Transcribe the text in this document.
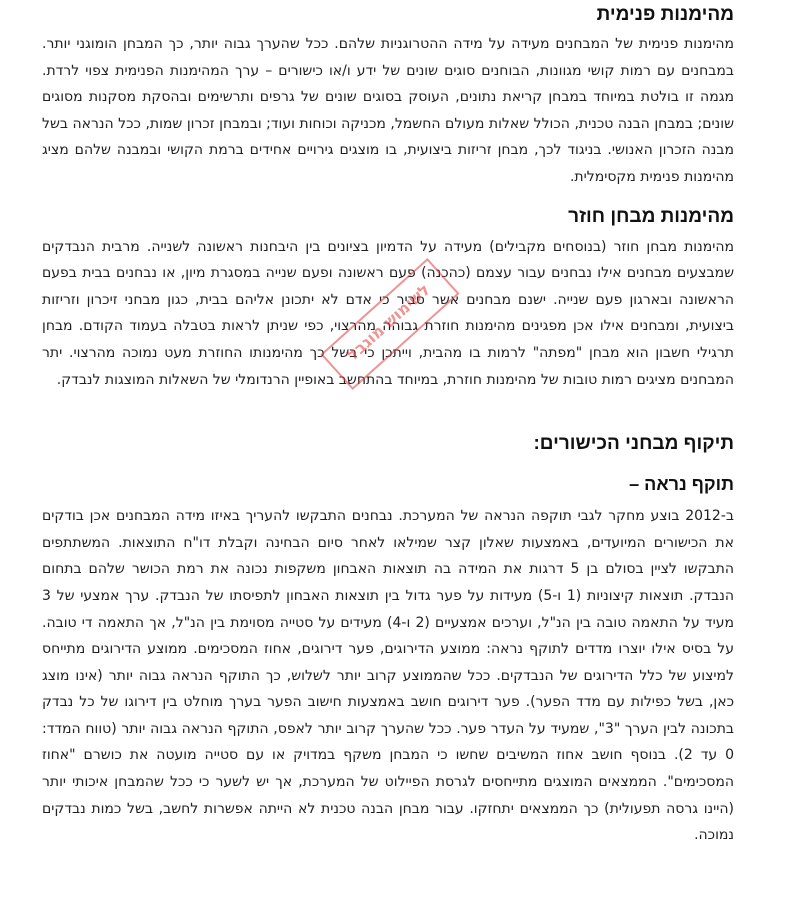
מהימנות פנימית

מהימנות פנימית של המבחנים מעידה על מידה ההטרוגניות שלהם. ככל שהערך גבוה יותר, כך המבחן הומוגני יותר. במבחנים עם רמות קושי מגוונות, הבוחנים סוגים שונים של ידע ו/או כישורים – ערך המהימנות הפנימית צפוי לרדת. מגמה זו בולטת במיוחד במבחן קריאת נתונים, העוסק בסוגים שונים של גרפים ותרשימים ובהסקת מסקנות מסוגים שונים; במבחן הבנה טכנית, הכולל שאלות מעולם החשמל, מכניקה וכוחות ועוד; ובמבחן זכרון שמות, ככל הנראה בשל מבנה הזכרון האנושי. בניגוד לכך, מבחן זריזות ביצועית, בו מוצגים גירויים אחידים ברמת הקושי ובמבנה שלהם מציג מהימנות פנימית מקסימלית.

מהימנות מבחן חוזר

מהימנות מבחן חוזר (בנוסחים מקבילים) מעידה על הדמיון בציונים בין היבחנות ראשונה לשנייה. מרבית הנבדקים שמבצעים מבחנים אילו נבחנים עבור עצמם (כהכנה) פעם ראשונה ופעם שנייה במסגרת מיון, או נבחנים בבית בפעם הראשונה ובארגון פעם שנייה. ישנם מבחנים אשר סביר כי אדם לא יתכונן אליהם בבית, כגון מבחני זיכרון וזריזות ביצועית, ומבחנים אילו אכן מפגינים מהימנות חוזרת גבוהה מהרצוי, כפי שניתן לראות בטבלה בעמוד הקודם. מבחן תרגילי חשבון הוא מבחן "מפתה" לרמות בו מהבית, וייתכן כי בשל כך מהימנותו החוזרת מעט נמוכה מהרצוי. יתר המבחנים מציגים רמות טובות של מהימנות חוזרת, במיוחד בהתחשב באופיין הרנדומלי של השאלות המוצגות לנבדק.

תיקוף מבחני הכישורים:
תוקף נראה –

ב-2012 בוצע מחקר לגבי תוקפה הנראה של המערכת. נבחנים התבקשו להעריך באיזו מידה המבחנים אכן בודקים את הכישורים המיועדים, באמצעות שאלון קצר שמילאו לאחר סיום הבחינה וקבלת דו"ח התוצאות. המשתתפים התבקשו לציין בסולם בן 5 דרגות את המידה בה תוצאות האבחון משקפות נכונה את רמת הכושר שלהם בתחום הנבדק. תוצאות קיצוניות (1 ו-5) מעידות על פער גדול בין תוצאות האבחון לתפיסתו של הנבדק. ערך אמצעי של 3 מעיד על התאמה טובה בין הנ"ל, וערכים אמצעיים (2 ו-4) מעידים על סטייה מסוימת בין הנ"ל, אך התאמה די טובה. על בסיס אילו יוצרו מדדים לתוקף נראה: ממוצע הדירוגים, פער דירוגים, אחוז המסכימים. ממוצע הדירוגים מתייחס למיצוע של כלל הדירוגים של הנבדקים. ככל שהממוצע קרוב יותר לשלוש, כך התוקף הנראה גבוה יותר (אינו מוצג כאן, בשל כפילות עם מדד הפער). פער דירוגים חושב באמצעות חישוב הפער בערך מוחלט בין דירוגו של כל נבדק בתכונה לבין הערך "3", שמעיד על העדר פער. ככל שהערך קרוב יותר לאפס, התוקף הנראה גבוה יותר (טווח המדד: 0 עד 2). בנוסף חושב אחוז המשיבים שחשו כי המבחן משקף במדויק או עם סטייה מועטה את כושרם "אחוז המסכימים". הממצאים המוצגים מתייחסים לגרסת הפיילוט של המערכת, אך יש לשער כי ככל שהמבחן איכותי יותר (היינו גרסה תפעולית) כך הממצאים יתחזקו. עבור מבחן הבנה טכנית לא הייתה אפשרות לחשב, בשל כמות נבדקים נמוכה.

לשימוש מוגבל
